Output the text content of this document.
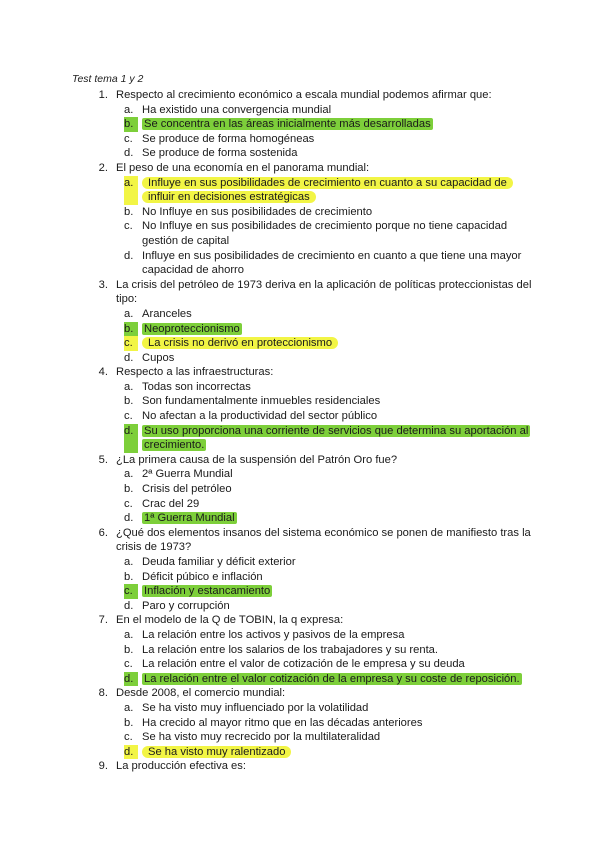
Test tema 1 y 2
1. Respecto al crecimiento económico a escala mundial podemos afirmar que:
a. Ha existido una convergencia mundial
b. Se concentra en las áreas inicialmente más desarrolladas
c. Se produce de forma homogéneas
d. Se produce de forma sostenida
2. El peso de una economía en el panorama mundial:
a.	Influye en sus posibilidades de crecimiento en cuanto a su capacidad de influir en decisiones estratégicas
b. No Influye en sus posibilidades de crecimiento
c. No Influye en sus posibilidades de crecimiento porque no tiene capacidad gestión de capital
d. Influye en sus posibilidades de crecimiento en cuanto a que tiene una mayor capacidad de ahorro
3. La crisis del petróleo de 1973 deriva en la aplicación de políticas proteccionistas del tipo:
a. Aranceles
b. Neoproteccionismo
c.	La crisis no derivó en proteccionismo
d. Cupos
4. Respecto a las infraestructuras:
a. Todas son incorrectas
b. Son fundamentalmente inmuebles residenciales
c. No afectan a la productividad del sector público
d. Su uso proporciona una corriente de servicios que determina su aportación al crecimiento.
5. ¿La primera causa de la suspensión del Patrón Oro fue?
a. 2ª Guerra Mundial
b. Crisis del petróleo
c. Crac del 29
d. 1ª Guerra Mundial
6. ¿Qué dos elementos insanos del sistema económico se ponen de manifiesto tras la crisis de 1973?
a. Deuda familiar y déficit exterior
b. Déficit púbico e inflación
c.	Inflación y estancamiento
d. Paro y corrupción
7. En el modelo de la Q de TOBIN, la q expresa:
a. La relación entre los activos y pasivos de la empresa
b. La relación entre los salarios de los trabajadores y su renta.
c. La relación entre el valor de cotización de le empresa y su deuda
d. La relación entre el valor cotización de la empresa y su coste de reposición.
8. Desde 2008, el comercio mundial:
a. Se ha visto muy influenciado por la volatilidad
b. Ha crecido al mayor ritmo que en las décadas anteriores
c. Se ha visto muy recrecido por la multilateralidad
d.	Se ha visto muy ralentizado
9. La producción efectiva es:
